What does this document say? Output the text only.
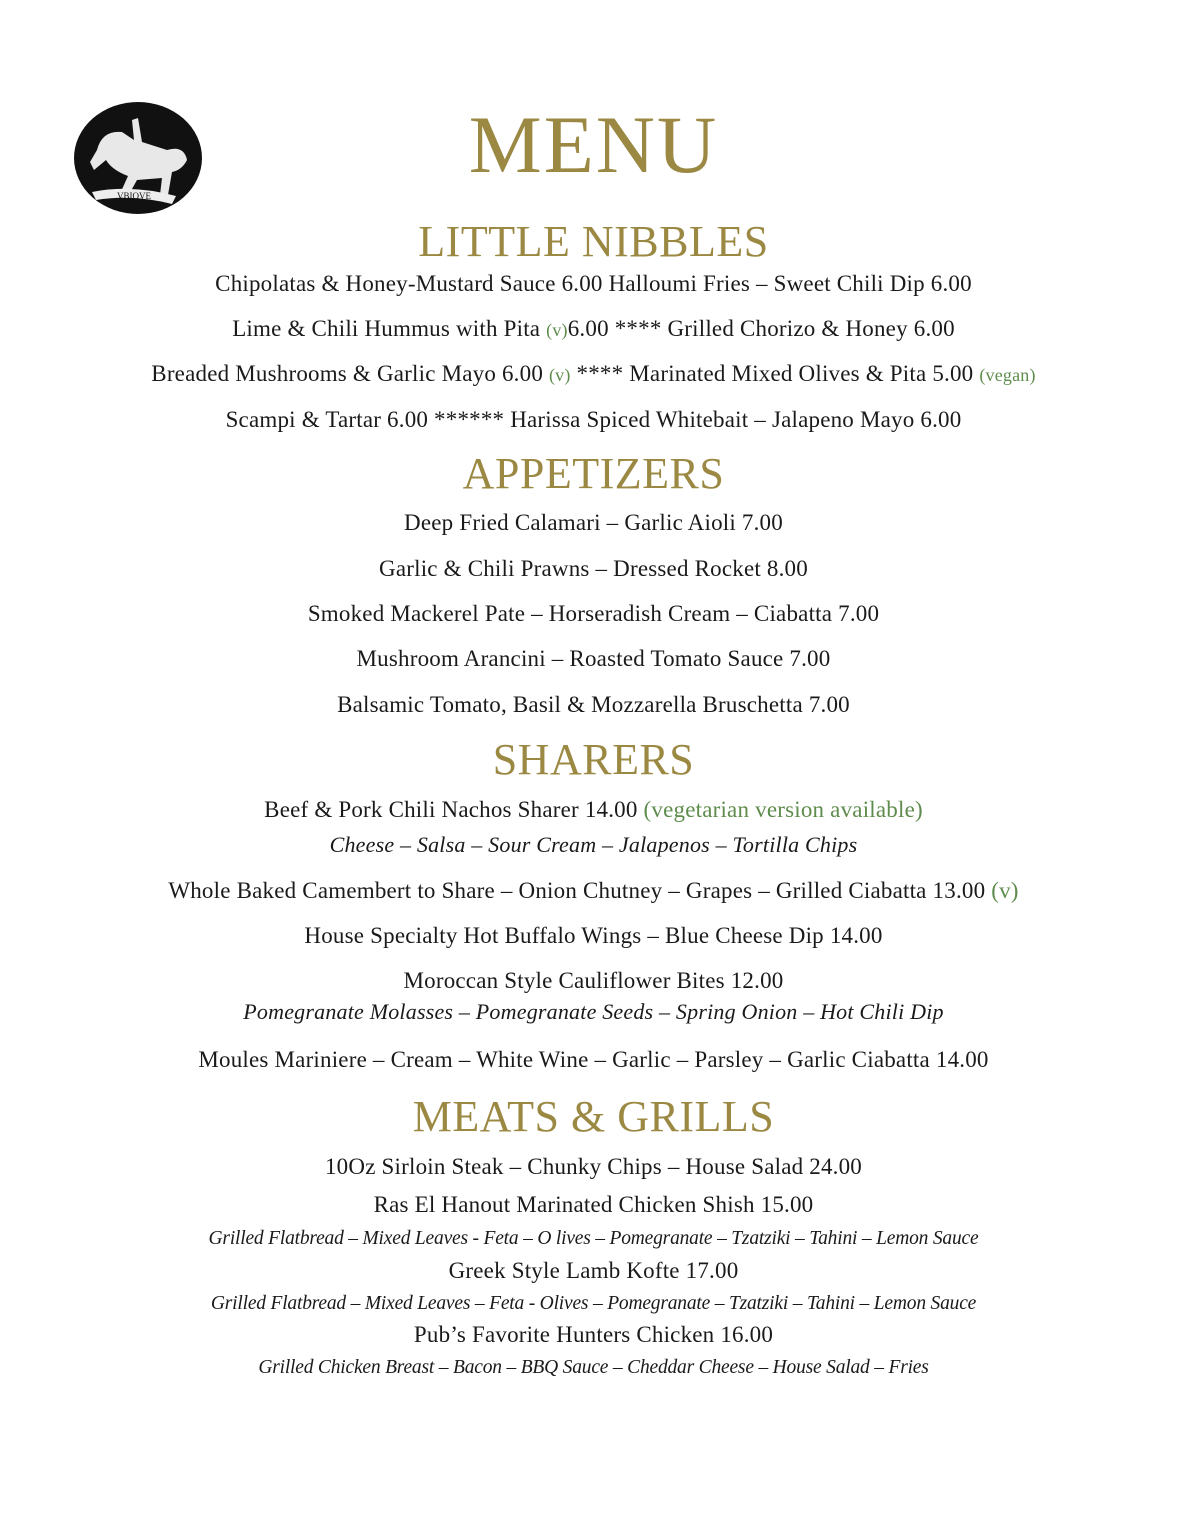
VBIQVE
MENU
LITTLE NIBBLES
Chipolatas & Honey-Mustard Sauce 6.00 Halloumi Fries – Sweet Chili Dip 6.00
Lime & Chili Hummus with Pita (v)6.00 **** Grilled Chorizo & Honey 6.00
Breaded Mushrooms & Garlic Mayo 6.00 (v) **** Marinated Mixed Olives & Pita 5.00 (vegan)
Scampi & Tartar 6.00 ****** Harissa Spiced Whitebait – Jalapeno Mayo 6.00
APPETIZERS
Deep Fried Calamari – Garlic Aioli 7.00
Garlic & Chili Prawns – Dressed Rocket 8.00
Smoked Mackerel Pate – Horseradish Cream – Ciabatta 7.00
Mushroom Arancini – Roasted Tomato Sauce 7.00
Balsamic Tomato, Basil & Mozzarella Bruschetta 7.00
SHARERS
Beef & Pork Chili Nachos Sharer 14.00 (vegetarian version available)
Cheese – Salsa – Sour Cream – Jalapenos – Tortilla Chips
Whole Baked Camembert to Share – Onion Chutney – Grapes – Grilled Ciabatta 13.00 (v)
House Specialty Hot Buffalo Wings – Blue Cheese Dip 14.00
Moroccan Style Cauliflower Bites 12.00
Pomegranate Molasses – Pomegranate Seeds – Spring Onion – Hot Chili Dip
Moules Mariniere – Cream – White Wine – Garlic – Parsley – Garlic Ciabatta 14.00
MEATS & GRILLS
10Oz Sirloin Steak – Chunky Chips – House Salad 24.00
Ras El Hanout Marinated Chicken Shish 15.00
Grilled Flatbread – Mixed Leaves - Feta – O lives – Pomegranate – Tzatziki – Tahini – Lemon Sauce
Greek Style Lamb Kofte 17.00
Grilled Flatbread – Mixed Leaves – Feta - Olives – Pomegranate – Tzatziki – Tahini – Lemon Sauce
Pub’s Favorite Hunters Chicken 16.00
Grilled Chicken Breast – Bacon – BBQ Sauce – Cheddar Cheese – House Salad – Fries
